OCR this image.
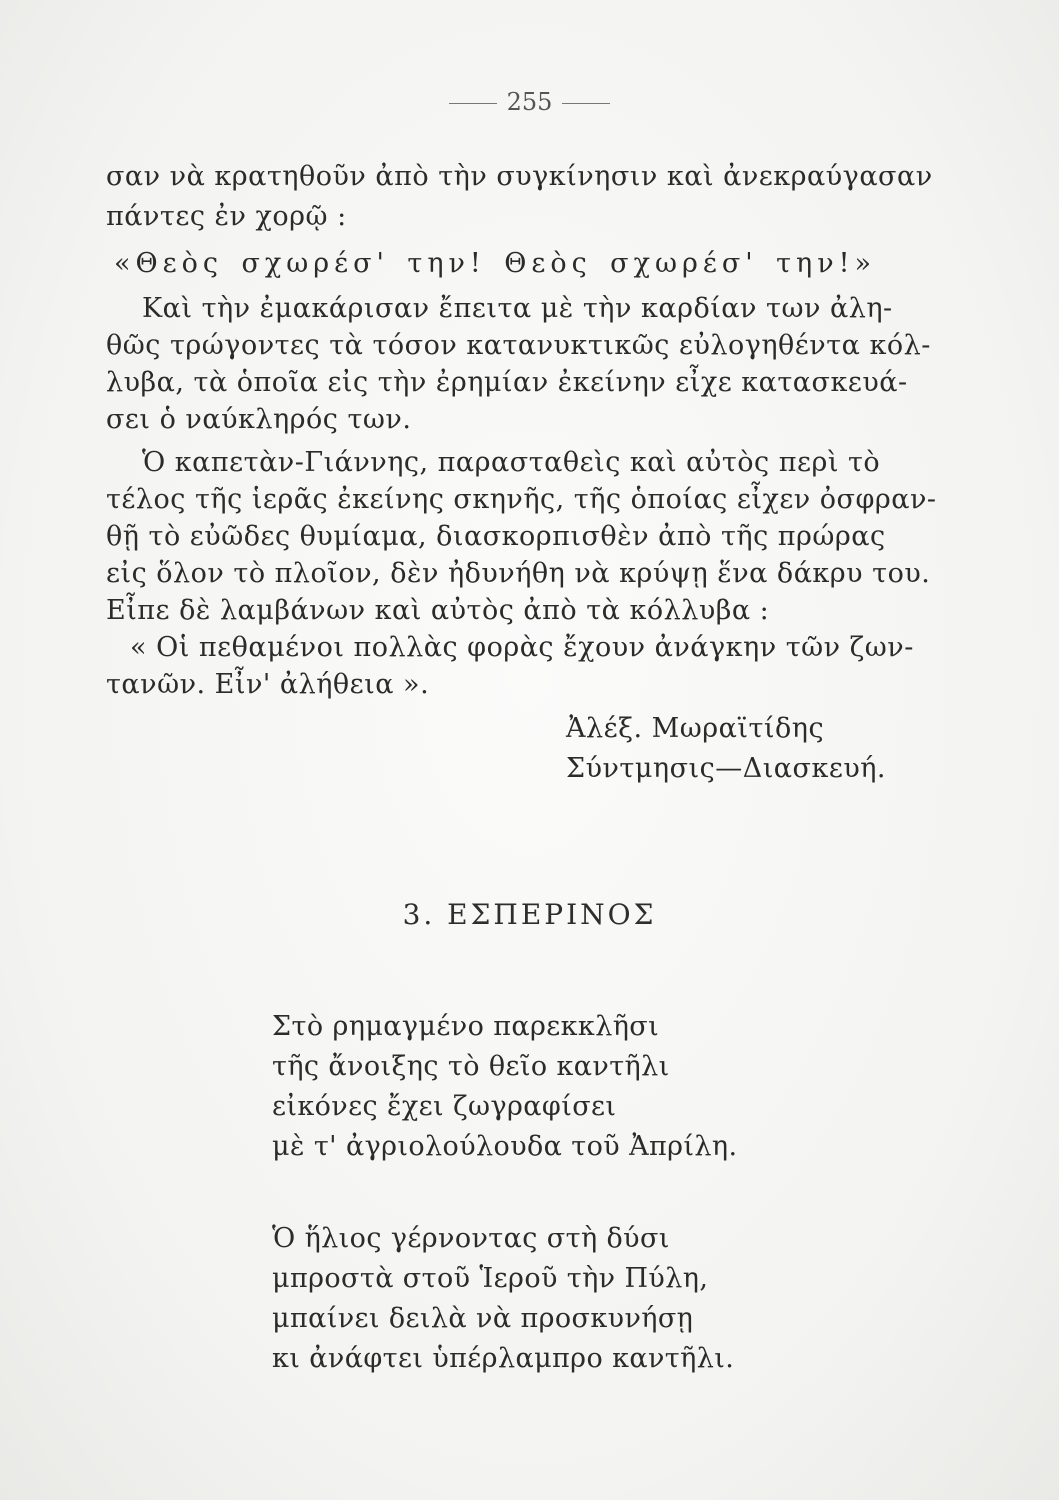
255
σαν νὰ κρατηθοῦν ἀπὸ τὴν συγκίνησιν καὶ ἀνεκραύγασαν
πάντες ἐν χορῷ :
«Θεὸς σχωρέσ' την! Θεὸς σχωρέσ' την!»
Καὶ τὴν ἐμακάρισαν ἔπειτα μὲ τὴν καρδίαν των ἀλη-
θῶς τρώγοντες τὰ τόσον κατανυκτικῶς εὐλογηθέντα κόλ-
λυβα, τὰ ὁποῖα εἰς τὴν ἐρημίαν ἐκείνην εἶχε κατασκευά-
σει ὁ ναύκληρός των.
Ὁ καπετὰν-Γιάννης, παρασταθεὶς καὶ αὐτὸς περὶ τὸ
τέλος τῆς ἱερᾶς ἐκείνης σκηνῆς, τῆς ὁποίας εἶχεν ὀσφραν-
θῇ τὸ εὐῶδες θυμίαμα, διασκορπισθὲν ἀπὸ τῆς πρώρας
εἰς ὅλον τὸ πλοῖον, δὲν ἠδυνήθη νὰ κρύψῃ ἕνα δάκρυ του.
Εἶπε δὲ λαμβάνων καὶ αὐτὸς ἀπὸ τὰ κόλλυβα :
« Οἱ πεθαμένοι πολλὰς φορὰς ἔχουν ἀνάγκην τῶν ζων-
τανῶν. Εἶν' ἀλήθεια ».
Ἀλέξ. Μωραϊτίδης
Σύντμησις—Διασκευή.
3. ΕΣΠΕΡΙΝΟΣ
Στὸ ρημαγμένο παρεκκλῆσι
τῆς ἄνοιξης τὸ θεῖο καντῆλι
εἰκόνες ἔχει ζωγραφίσει
μὲ τ' ἀγριολούλουδα τοῦ Ἀπρίλη.
Ὁ ἥλιος γέρνοντας στὴ δύσι
μπροστὰ στοῦ Ἱεροῦ τὴν Πύλη,
μπαίνει δειλὰ νὰ προσκυνήσῃ
κι ἀνάφτει ὑπέρλαμπρο καντῆλι.
